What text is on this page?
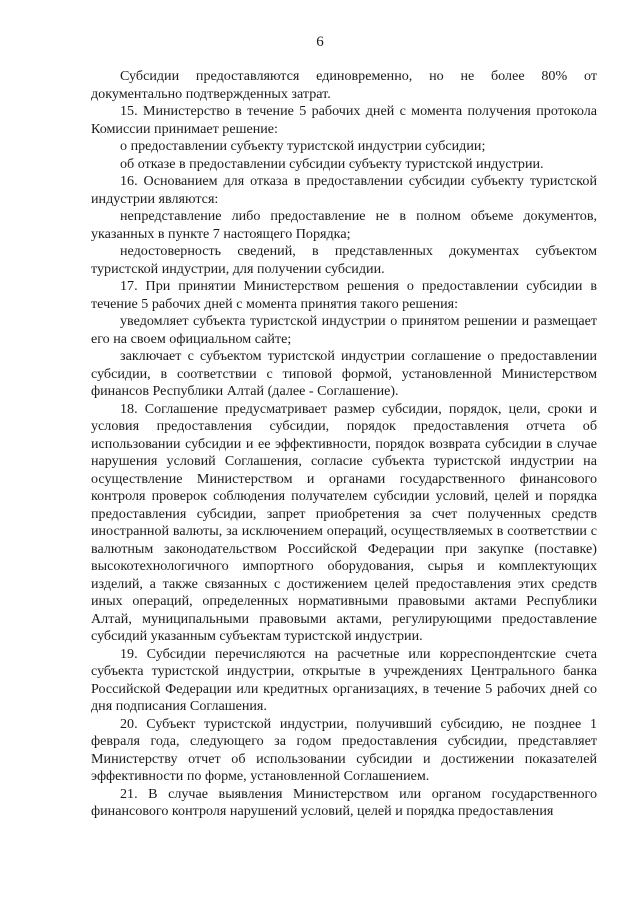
6

Субсидии предоставляются единовременно, но не более 80% от документально подтвержденных затрат.

15. Министерство в течение 5 рабочих дней с момента получения протокола Комиссии принимает решение:

о предоставлении субъекту туристской индустрии субсидии;

об отказе в предоставлении субсидии субъекту туристской индустрии.

16. Основанием для отказа в предоставлении субсидии субъекту туристской индустрии являются:

непредставление либо предоставление не в полном объеме документов, указанных в пункте 7 настоящего Порядка;

недостоверность сведений, в представленных документах субъектом туристской индустрии, для получении субсидии.

17. При принятии Министерством решения о предоставлении субсидии в течение 5 рабочих дней с момента принятия такого решения:

уведомляет субъекта туристской индустрии о принятом решении и размещает его на своем официальном сайте;

заключает с субъектом туристской индустрии соглашение о предоставлении субсидии, в соответствии с типовой формой, установленной Министерством финансов Республики Алтай (далее - Соглашение).

18. Соглашение предусматривает размер субсидии, порядок, цели, сроки и условия предоставления субсидии, порядок предоставления отчета об использовании субсидии и ее эффективности, порядок возврата субсидии в случае нарушения условий Соглашения, согласие субъекта туристской индустрии на осуществление Министерством и органами государственного финансового контроля проверок соблюдения получателем субсидии условий, целей и порядка предоставления субсидии, запрет приобретения за счет полученных средств иностранной валюты, за исключением операций, осуществляемых в соответствии с валютным законодательством Российской Федерации при закупке (поставке) высокотехнологичного импортного оборудования, сырья и комплектующих изделий, а также связанных с достижением целей предоставления этих средств иных операций, определенных нормативными правовыми актами Республики Алтай, муниципальными правовыми актами, регулирующими предоставление субсидий указанным субъектам туристской индустрии.

19. Субсидии перечисляются на расчетные или корреспондентские счета субъекта туристской индустрии, открытые в учреждениях Центрального банка Российской Федерации или кредитных организациях, в течение 5 рабочих дней со дня подписания Соглашения.

20. Субъект туристской индустрии, получивший субсидию, не позднее 1 февраля года, следующего за годом предоставления субсидии, представляет Министерству отчет об использовании субсидии и достижении показателей эффективности по форме, установленной Соглашением.

21. В случае выявления Министерством или органом государственного финансового контроля нарушений условий, целей и порядка предоставления
